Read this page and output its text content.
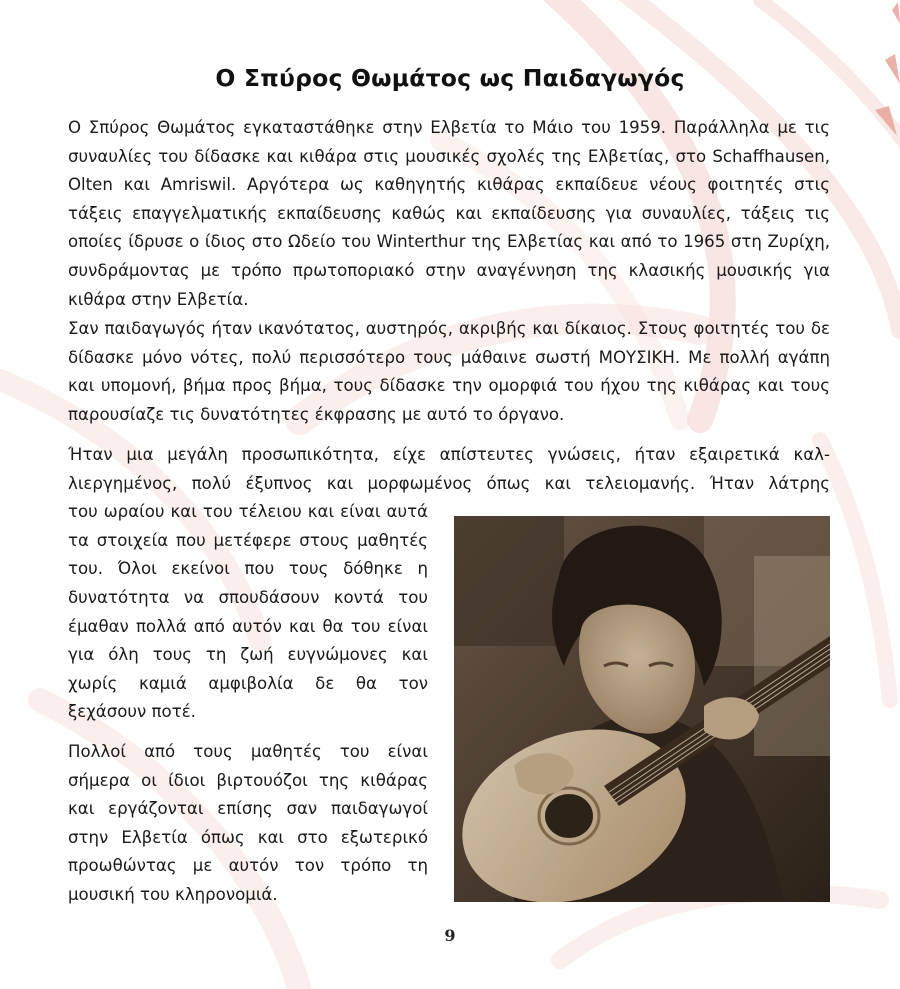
Ο Σπύρος Θωμάτος ως Παιδαγωγός

Ο Σπύρος Θωμάτος εγκαταστάθηκε στην Ελβετία το Μάιο του 1959. Παράλληλα με τις συναυλίες του δίδασκε και κιθάρα στις μουσικές σχολές της Ελβετίας, στο Schaffhausen, Olten και Amriswil. Αργότερα ως καθηγητής κιθάρας εκπαίδευε νέους φοιτητές στις τάξεις επαγγελματικής εκπαίδευσης καθώς και εκπαίδευσης για συναυλίες, τάξεις τις οποίες ίδρυσε ο ίδιος στο Ωδείο του Winterthur της Ελβετίας και από το 1965 στη Ζυρίχη, συνδράμοντας με τρόπο πρωτοποριακό στην αναγέννηση της κλασικής μουσικής για κιθάρα στην Ελβετία.

Σαν παιδαγωγός ήταν ικανότατος, αυστηρός, ακριβής και δίκαιος. Στους φοιτητές του δε δίδασκε μόνο νότες, πολύ περισσότερο τους μάθαινε σωστή ΜΟΥΣΙΚΗ. Με πολλή αγάπη και υπομονή, βήμα προς βήμα, τους δίδασκε την ομορφιά του ήχου της κιθάρας και τους παρουσίαζε τις δυνατότητες έκφρασης με αυτό το όργανο.

Ήταν μια μεγάλη προσωπικότητα, είχε απίστευτες γνώσεις, ήταν εξαιρετικά καλ-
λιεργημένος, πολύ έξυπνος και μορφωμένος όπως και τελειομανής. Ήταν λάτρης
του ωραίου και του τέλειου και είναι αυτά τα στοιχεία που μετέφερε στους μαθητές του. Όλοι εκείνοι που τους δόθηκε η δυνατότητα να σπουδάσουν κοντά του έμαθαν πολλά από αυτόν και θα του είναι για όλη τους τη ζωή ευγνώμονες και χωρίς καμιά αμφιβολία δε θα τον ξεχάσουν ποτέ.

Πολλοί από τους μαθητές του είναι σήμερα οι ίδιοι βιρτουόζοι της κιθάρας και εργάζονται επίσης σαν παιδαγωγοί στην Ελβετία όπως και στο εξωτερικό προωθώντας με αυτόν τον τρόπο τη μουσική του κληρονομιά.

9
